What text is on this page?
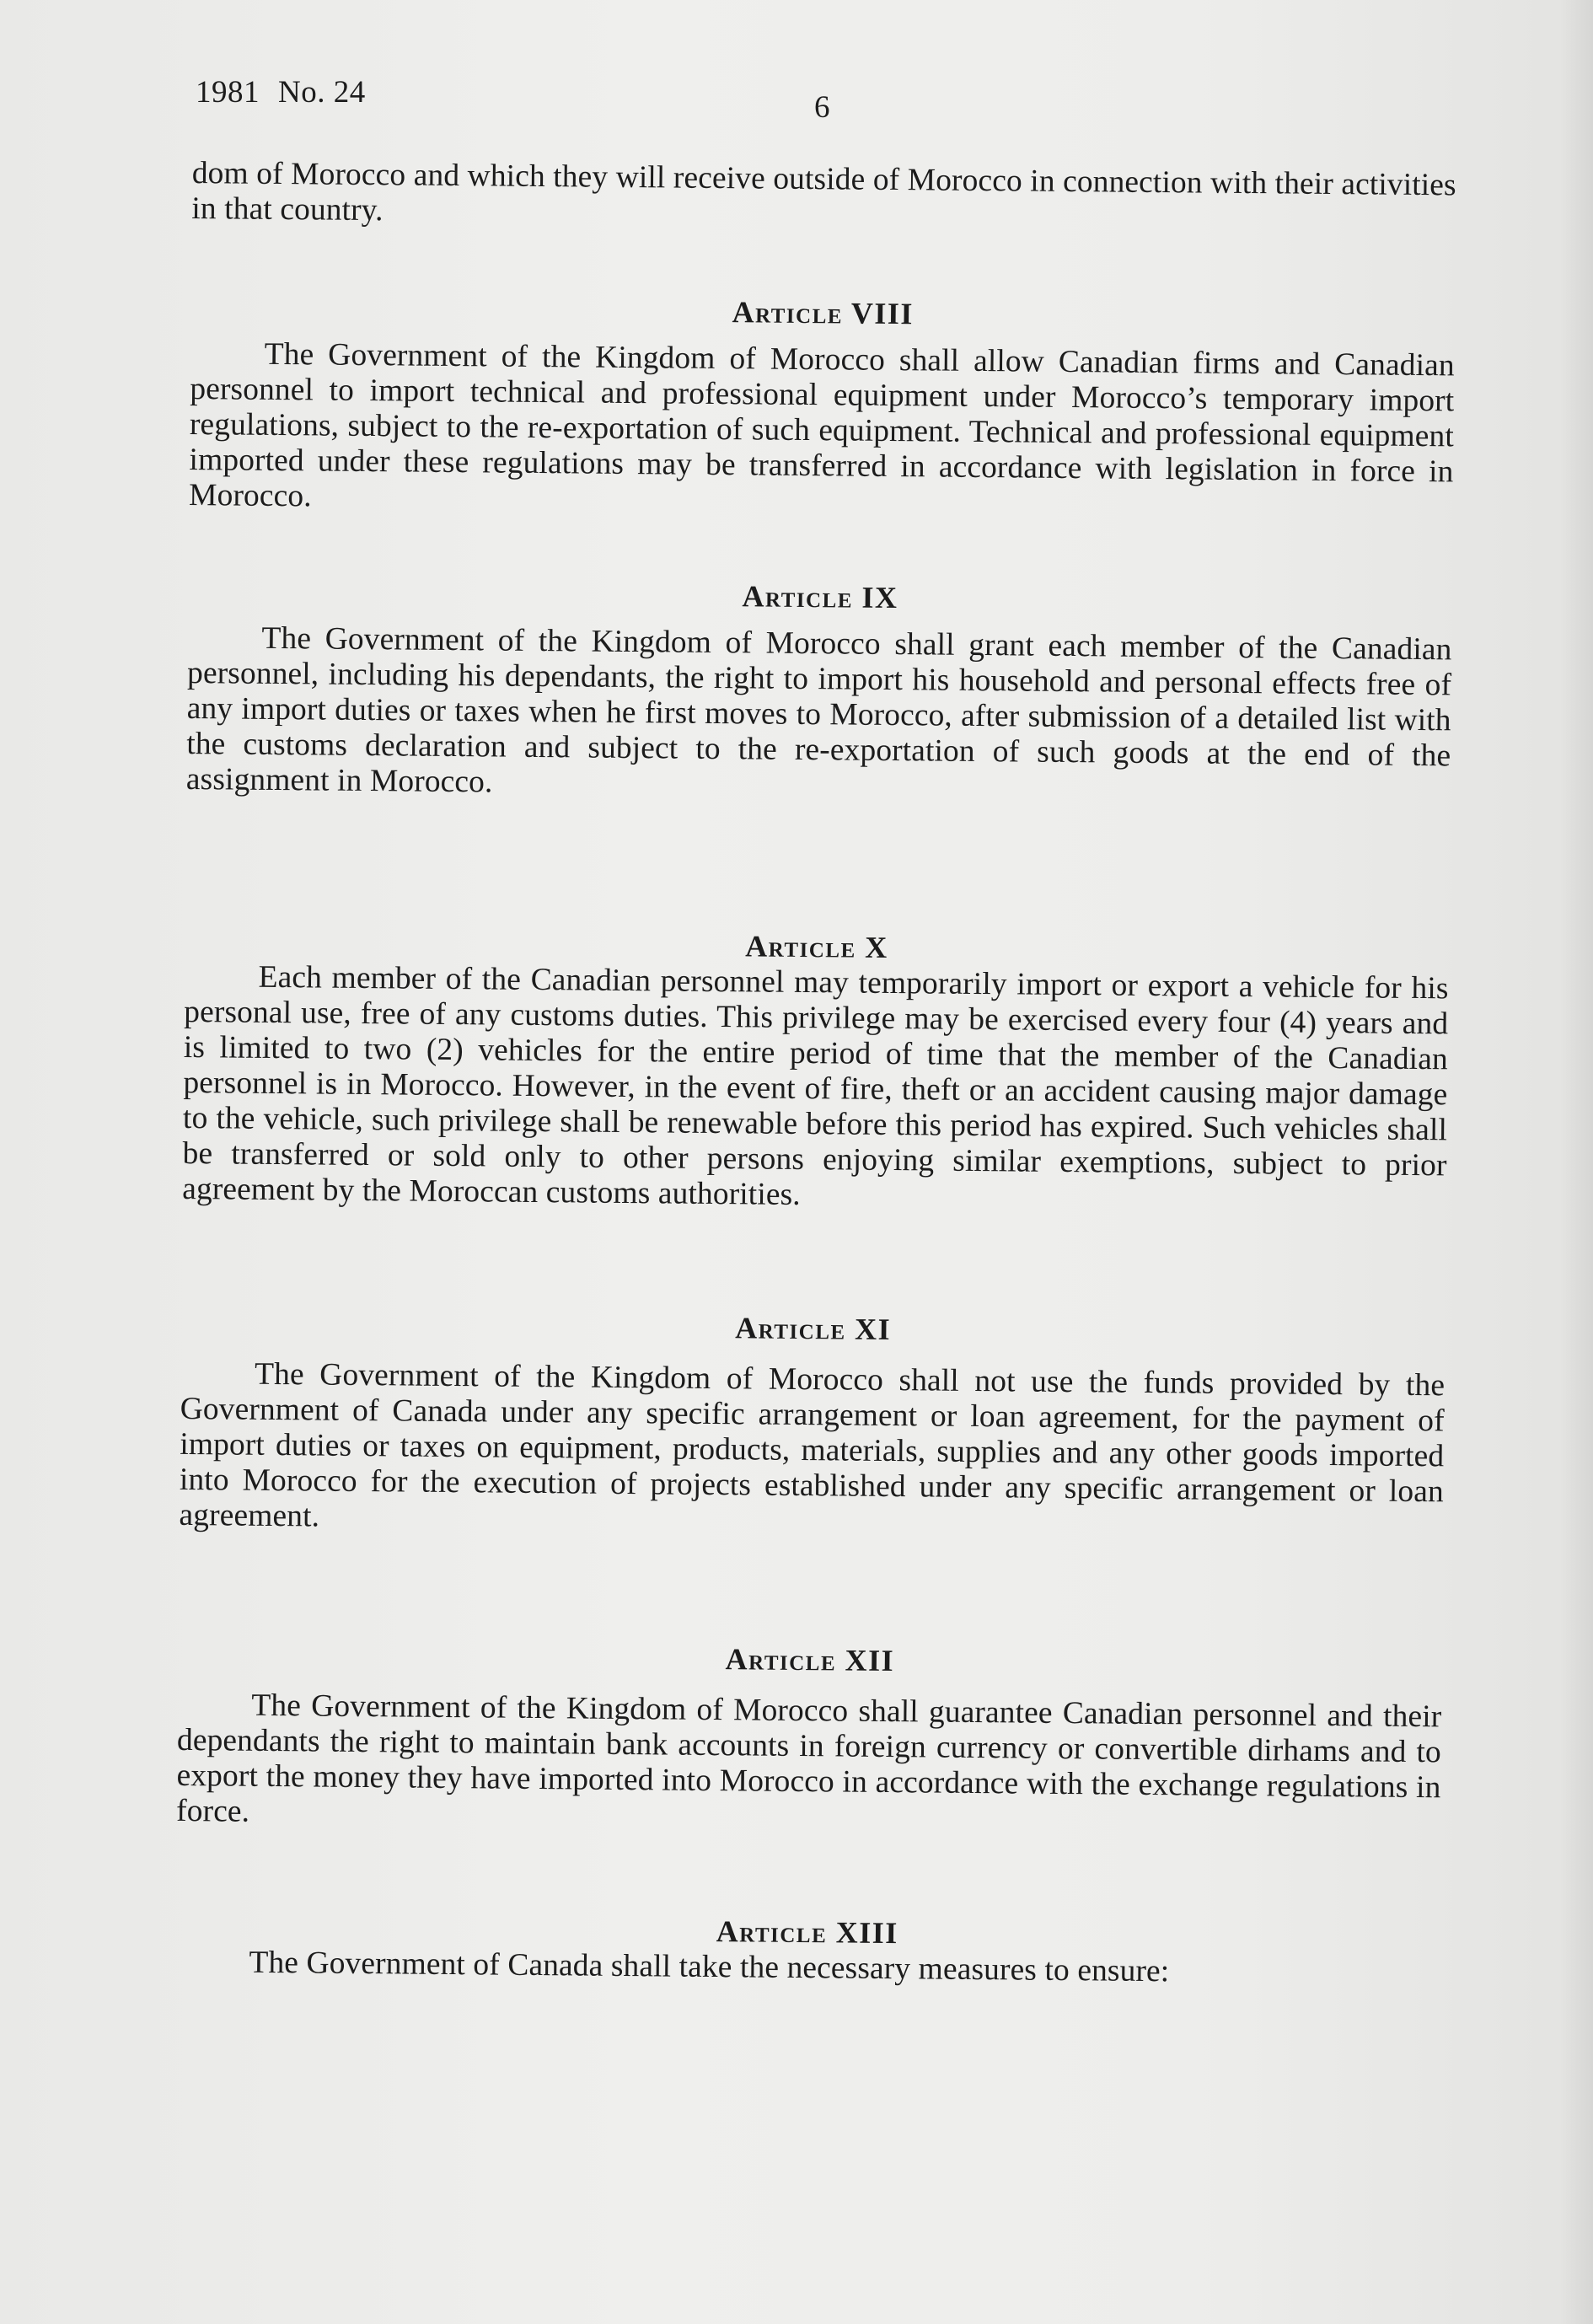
1981 No. 24	6

dom of Morocco and which they will receive outside of Morocco in connection with their activities in that country.

Article VIII

The Government of the Kingdom of Morocco shall allow Canadian firms and Canadian personnel to import technical and professional equipment under Morocco’s temporary import regulations, subject to the re-exportation of such equipment. Technical and professional equipment imported under these regulations may be transferred in accordance with legislation in force in Morocco.

Article IX

The Government of the Kingdom of Morocco shall grant each member of the Canadian personnel, including his dependants, the right to import his household and personal effects free of any import duties or taxes when he first moves to Morocco, after submission of a detailed list with the customs declaration and subject to the re-exportation of such goods at the end of the assignment in Morocco.

Article X

Each member of the Canadian personnel may temporarily import or export a vehicle for his personal use, free of any customs duties. This privilege may be exercised every four (4) years and is limited to two (2) vehicles for the entire period of time that the member of the Canadian personnel is in Morocco. However, in the event of fire, theft or an accident causing major damage to the vehicle, such privilege shall be renewable before this period has expired. Such vehicles shall be transferred or sold only to other persons enjoying similar exemptions, subject to prior agreement by the Moroccan customs authorities.

Article XI

The Government of the Kingdom of Morocco shall not use the funds provided by the Government of Canada under any specific arrangement or loan agreement, for the payment of import duties or taxes on equipment, products, materials, supplies and any other goods imported into Morocco for the execution of projects established under any specific arrangement or loan agreement.

Article XII

The Government of the Kingdom of Morocco shall guarantee Canadian personnel and their dependants the right to maintain bank accounts in foreign currency or convertible dirhams and to export the money they have imported into Morocco in accordance with the exchange regulations in force.

Article XIII

The Government of Canada shall take the necessary measures to ensure:
